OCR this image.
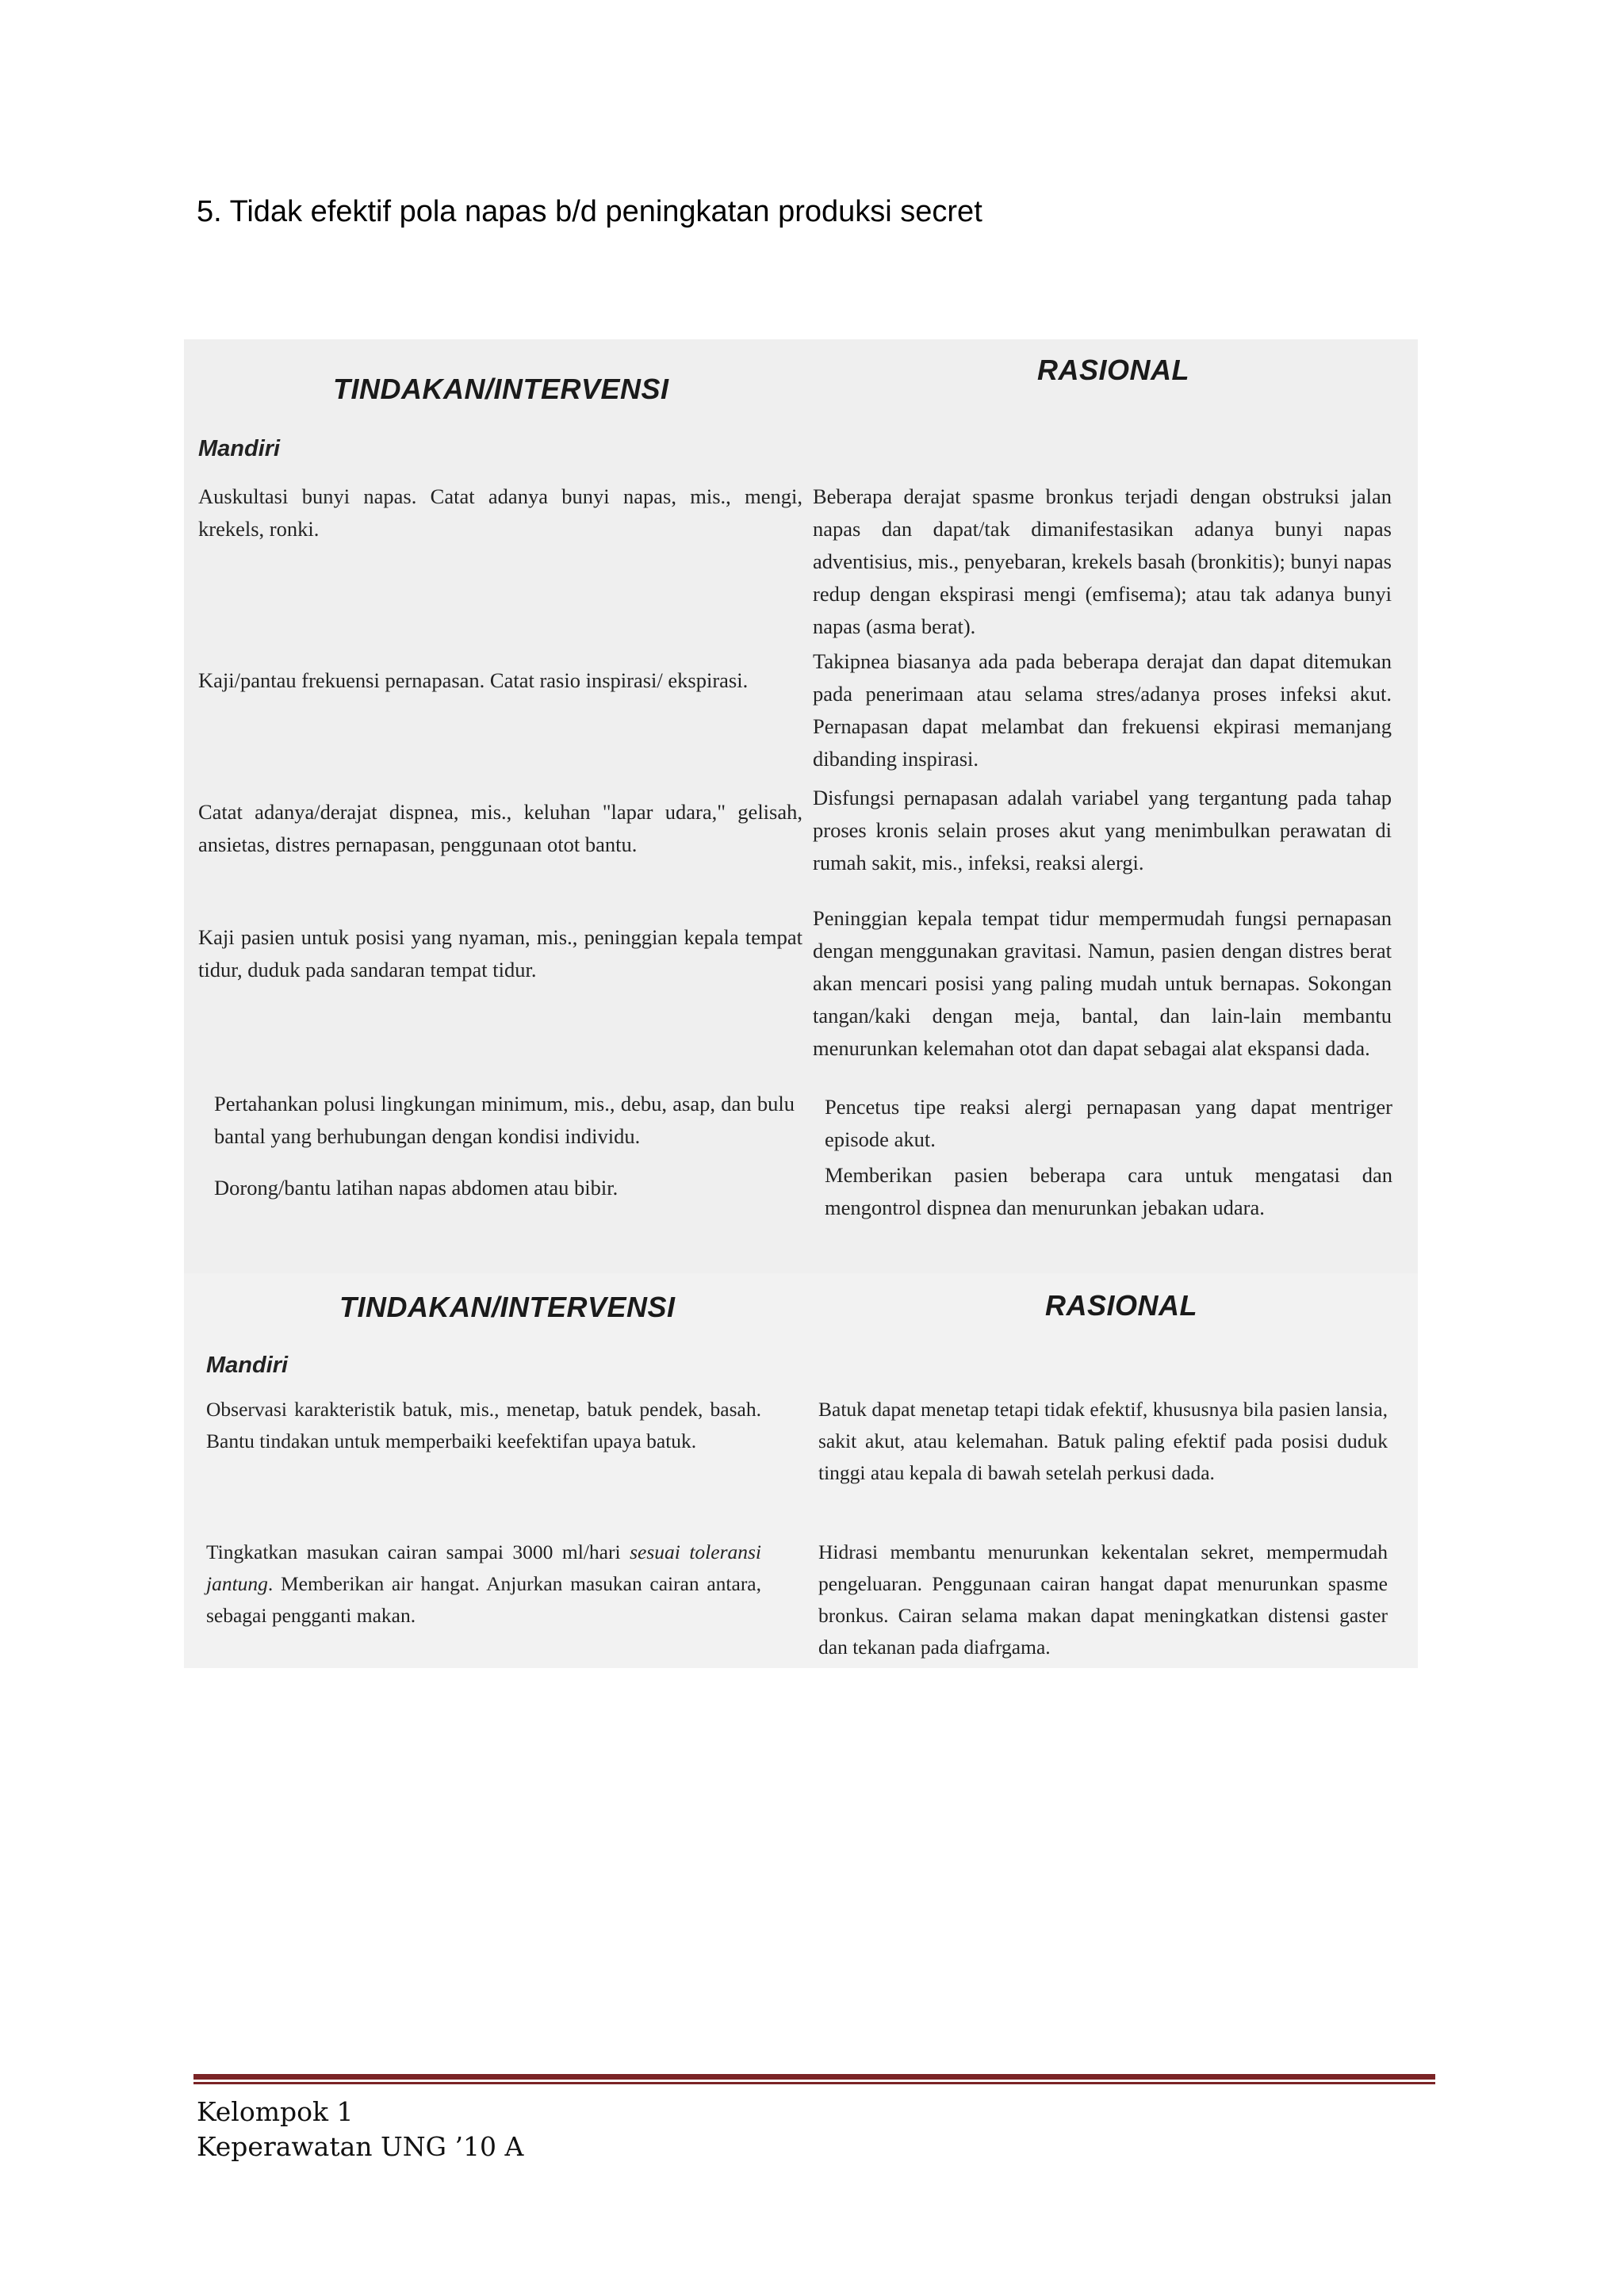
5. Tidak efektif pola napas b/d peningkatan produksi secret
TINDAKAN/INTERVENSI
RASIONAL
Mandiri
Auskultasi bunyi napas. Catat adanya bunyi napas, mis., mengi, krekels, ronki.
Beberapa derajat spasme bronkus terjadi dengan obstruksi jalan napas dan dapat/tak dimanifestasikan adanya bunyi napas adventisius, mis., penyebaran, krekels basah (bronkitis); bunyi napas redup dengan ekspirasi mengi (emfisema); atau tak adanya bunyi napas (asma berat).
Kaji/pantau frekuensi pernapasan. Catat rasio inspirasi/ ekspirasi.
Takipnea biasanya ada pada beberapa derajat dan dapat ditemukan pada penerimaan atau selama stres/adanya proses infeksi akut. Pernapasan dapat melambat dan frekuensi ekpirasi memanjang dibanding inspirasi.
Catat adanya/derajat dispnea, mis., keluhan "lapar udara," gelisah, ansietas, distres pernapasan, penggunaan otot bantu.
Disfungsi pernapasan adalah variabel yang tergantung pada tahap proses kronis selain proses akut yang menimbulkan perawatan di rumah sakit, mis., infeksi, reaksi alergi.
Kaji pasien untuk posisi yang nyaman, mis., peninggian kepala tempat tidur, duduk pada sandaran tempat tidur.
Peninggian kepala tempat tidur mempermudah fungsi pernapasan dengan menggunakan gravitasi. Namun, pasien dengan distres berat akan mencari posisi yang paling mudah untuk bernapas. Sokongan tangan/kaki dengan meja, bantal, dan lain-lain membantu menurunkan kelemahan otot dan dapat sebagai alat ekspansi dada.
Pertahankan polusi lingkungan minimum, mis., debu, asap, dan bulu bantal yang berhubungan dengan kondisi individu.
Pencetus tipe reaksi alergi pernapasan yang dapat mentriger episode akut.
Dorong/bantu latihan napas abdomen atau bibir.
Memberikan pasien beberapa cara untuk mengatasi dan mengontrol dispnea dan menurunkan jebakan udara.
TINDAKAN/INTERVENSI	RASIONAL
Mandiri
Observasi karakteristik batuk, mis., menetap, batuk pendek, basah. Bantu tindakan untuk memperbaiki keefektifan upaya batuk.
Batuk dapat menetap tetapi tidak efektif, khususnya bila pasien lansia, sakit akut, atau kelemahan. Batuk paling efektif pada posisi duduk tinggi atau kepala di bawah setelah perkusi dada.
Tingkatkan masukan cairan sampai 3000 ml/hari sesuai toleransi jantung. Memberikan air hangat. Anjurkan masukan cairan antara, sebagai pengganti makan.
Hidrasi membantu menurunkan kekentalan sekret, mempermudah pengeluaran. Penggunaan cairan hangat dapat menurunkan spasme bronkus. Cairan selama makan dapat meningkatkan distensi gaster dan tekanan pada diafrgama.
Kelompok 1
Keperawatan UNG ’10 A
